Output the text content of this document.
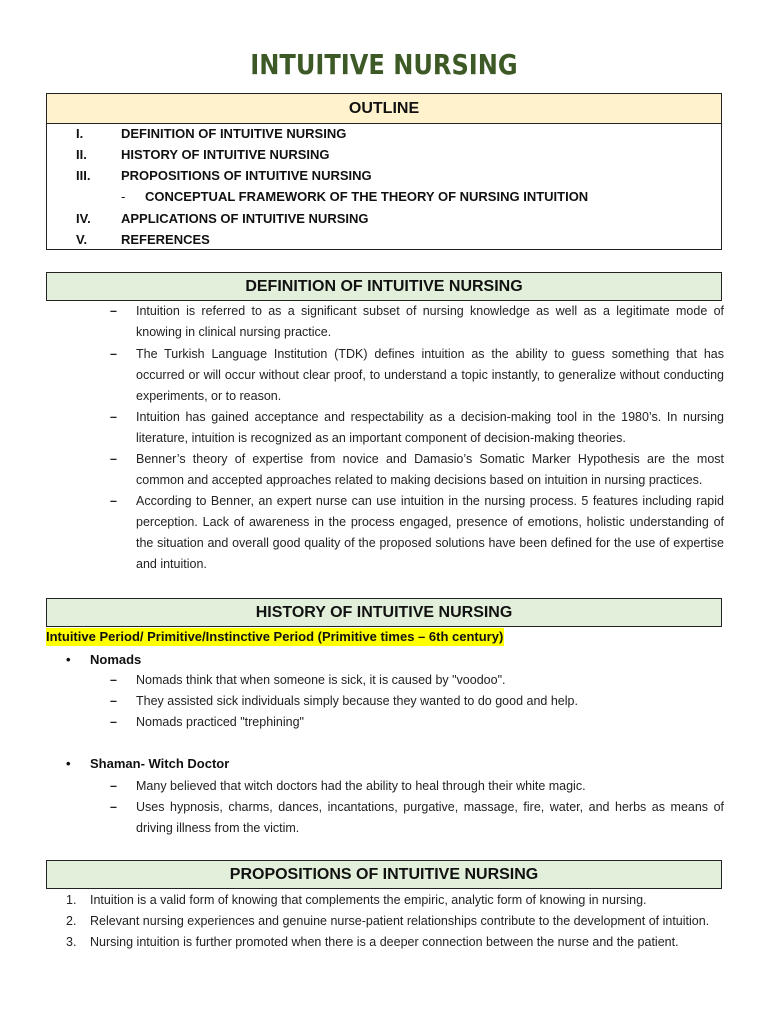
INTUITIVE NURSING
OUTLINE
I.	DEFINITION OF INTUITIVE NURSING
II.	HISTORY OF INTUITIVE NURSING
III. PROPOSITIONS OF INTUITIVE NURSING
- CONCEPTUAL FRAMEWORK OF THE THEORY OF NURSING INTUITION
IV. APPLICATIONS OF INTUITIVE NURSING
V.	REFERENCES
DEFINITION OF INTUITIVE NURSING
– Intuition is referred to as a significant subset of nursing knowledge as well as a legitimate mode of knowing in clinical nursing practice.
– The Turkish Language Institution (TDK) defines intuition as the ability to guess something that has occurred or will occur without clear proof, to understand a topic instantly, to generalize without conducting experiments, or to reason.
– Intuition has gained acceptance and respectability as a decision-making tool in the 1980’s. In nursing literature, intuition is recognized as an important component of decision-making theories.
– Benner’s theory of expertise from novice and Damasio’s Somatic Marker Hypothesis are the most common and accepted approaches related to making decisions based on intuition in nursing practices.
– According to Benner, an expert nurse can use intuition in the nursing process. 5 features including rapid perception. Lack of awareness in the process engaged, presence of emotions, holistic understanding of the situation and overall good quality of the proposed solutions have been defined for the use of expertise and intuition.
HISTORY OF INTUITIVE NURSING
Intuitive Period/ Primitive/Instinctive Period (Primitive times – 6th century)
• Nomads
– Nomads think that when someone is sick, it is caused by "voodoo".
– They assisted sick individuals simply because they wanted to do good and help.
– Nomads practiced "trephining"
• Shaman- Witch Doctor
– Many believed that witch doctors had the ability to heal through their white magic.
– Uses hypnosis, charms, dances, incantations, purgative, massage, fire, water, and herbs as means of driving illness from the victim.
PROPOSITIONS OF INTUITIVE NURSING
1. Intuition is a valid form of knowing that complements the empiric, analytic form of knowing in nursing.
2. Relevant nursing experiences and genuine nurse-patient relationships contribute to the development of intuition.
3. Nursing intuition is further promoted when there is a deeper connection between the nurse and the patient.
